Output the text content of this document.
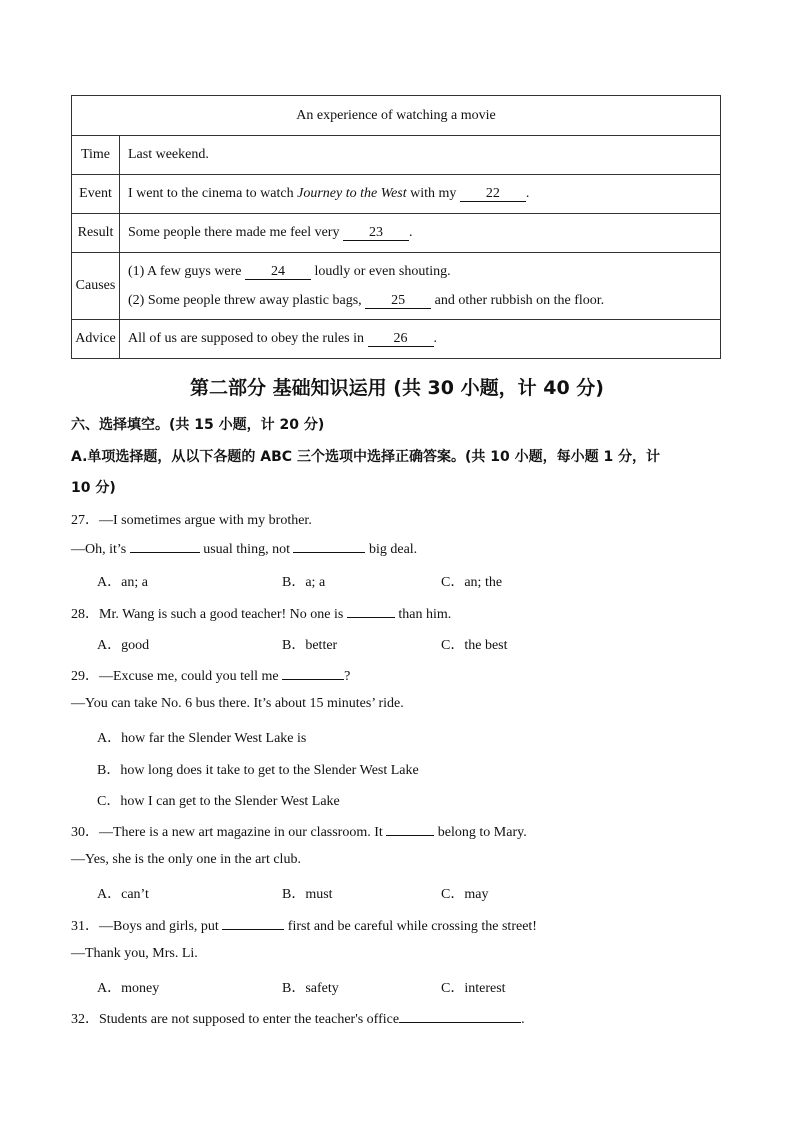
An experience of watching a movie	
Time	Last weekend.
Event	I went to the cinema to watch Journey to the West with my 22 .
Result	Some people there made me feel very 23 .
Causes	(1) A few guys were 24 loudly or even shouting.
(2) Some people threw away plastic bags, 25 and other rubbish on the floor.

Advice	All of us are supposed to obey the rules in 26 .
第二部分 基础知识运用 (共 30 小题，计 40 分)
六、选择填空。(共 15 小题，计 20 分)
A.单项选择题，从以下各题的 ABC 三个选项中选择正确答案。(共 10 小题，每小题 1 分，计
10 分)
27．—I sometimes argue with my brother.
—Oh, it’s	usual thing, not	big deal.
A．an; a	B．a; a	C．an; the
28．Mr. Wang is such a good teacher! No one is	than him.
A．good	B．better	C．the best
29．—Excuse me, could you tell me	?
—You can take No. 6 bus there. It’s about 15 minutes’ ride.
A．how far the Slender West Lake is
B．how long does it take to get to the Slender West Lake
C．how I can get to the Slender West Lake
30．—There is a new art magazine in our classroom. It	belong to Mary.
—Yes, she is the only one in the art club.
A．can’t	B．must	C．may
31．—Boys and girls, put	first and be careful while crossing the street!
—Thank you, Mrs. Li.
A．money	B．safety	C．interest
32．Students are not supposed to enter the teacher's office	.
